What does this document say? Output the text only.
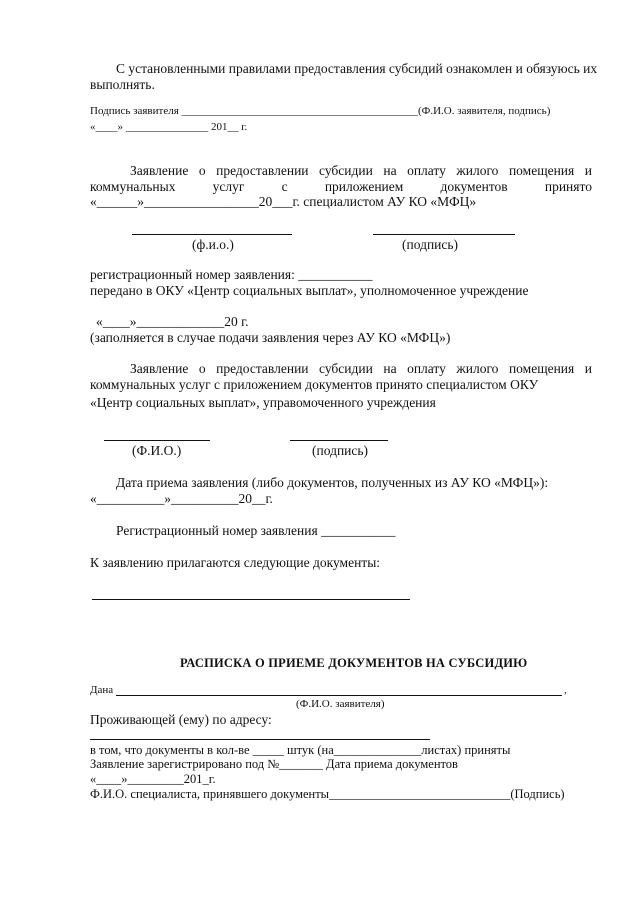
С установленными правилами предоставления субсидий ознакомлен и обязуюсь их
выполнять.
Подпись заявителя ___________________________________________(Ф.И.О. заявителя, подпись)
«____» _______________ 201__ г.
Заявление о предоставлении субсидии на оплату жилого помещения и
коммунальных	услуг	с	приложением	документов	принято
«______»_________________20___г. специалистом АУ КО «МФЦ»
(ф.и.о.)	(подпись)
регистрационный номер заявления: ___________
передано в ОКУ «Центр социальных выплат», уполномоченное учреждение
«____»_____________20 г.
(заполняется в случае подачи заявления через АУ КО «МФЦ»)
Заявление о предоставлении субсидии на оплату жилого помещения и
коммунальных услуг с приложением документов принято специалистом ОКУ
«Центр социальных выплат», управомоченного учреждения
(Ф.И.О.)	(подпись)
Дата приема заявления (либо документов, полученных из АУ КО «МФЦ»):
«__________»__________20__г.
Регистрационный номер заявления ___________
К заявлению прилагаются следующие документы:
РАСПИСКА О ПРИЕМЕ ДОКУМЕНТОВ НА СУБСИДИЮ
Дана	,
(Ф.И.О. заявителя)
Проживающей (ему) по адресу:
в том, что документы в кол-ве _____ штук (на______________листах) приняты
Заявление зарегистрировано под №_______ Дата приема документов
«____»_________201_г.
Ф.И.О. специалиста, принявшего документы_____________________________(Подпись)
